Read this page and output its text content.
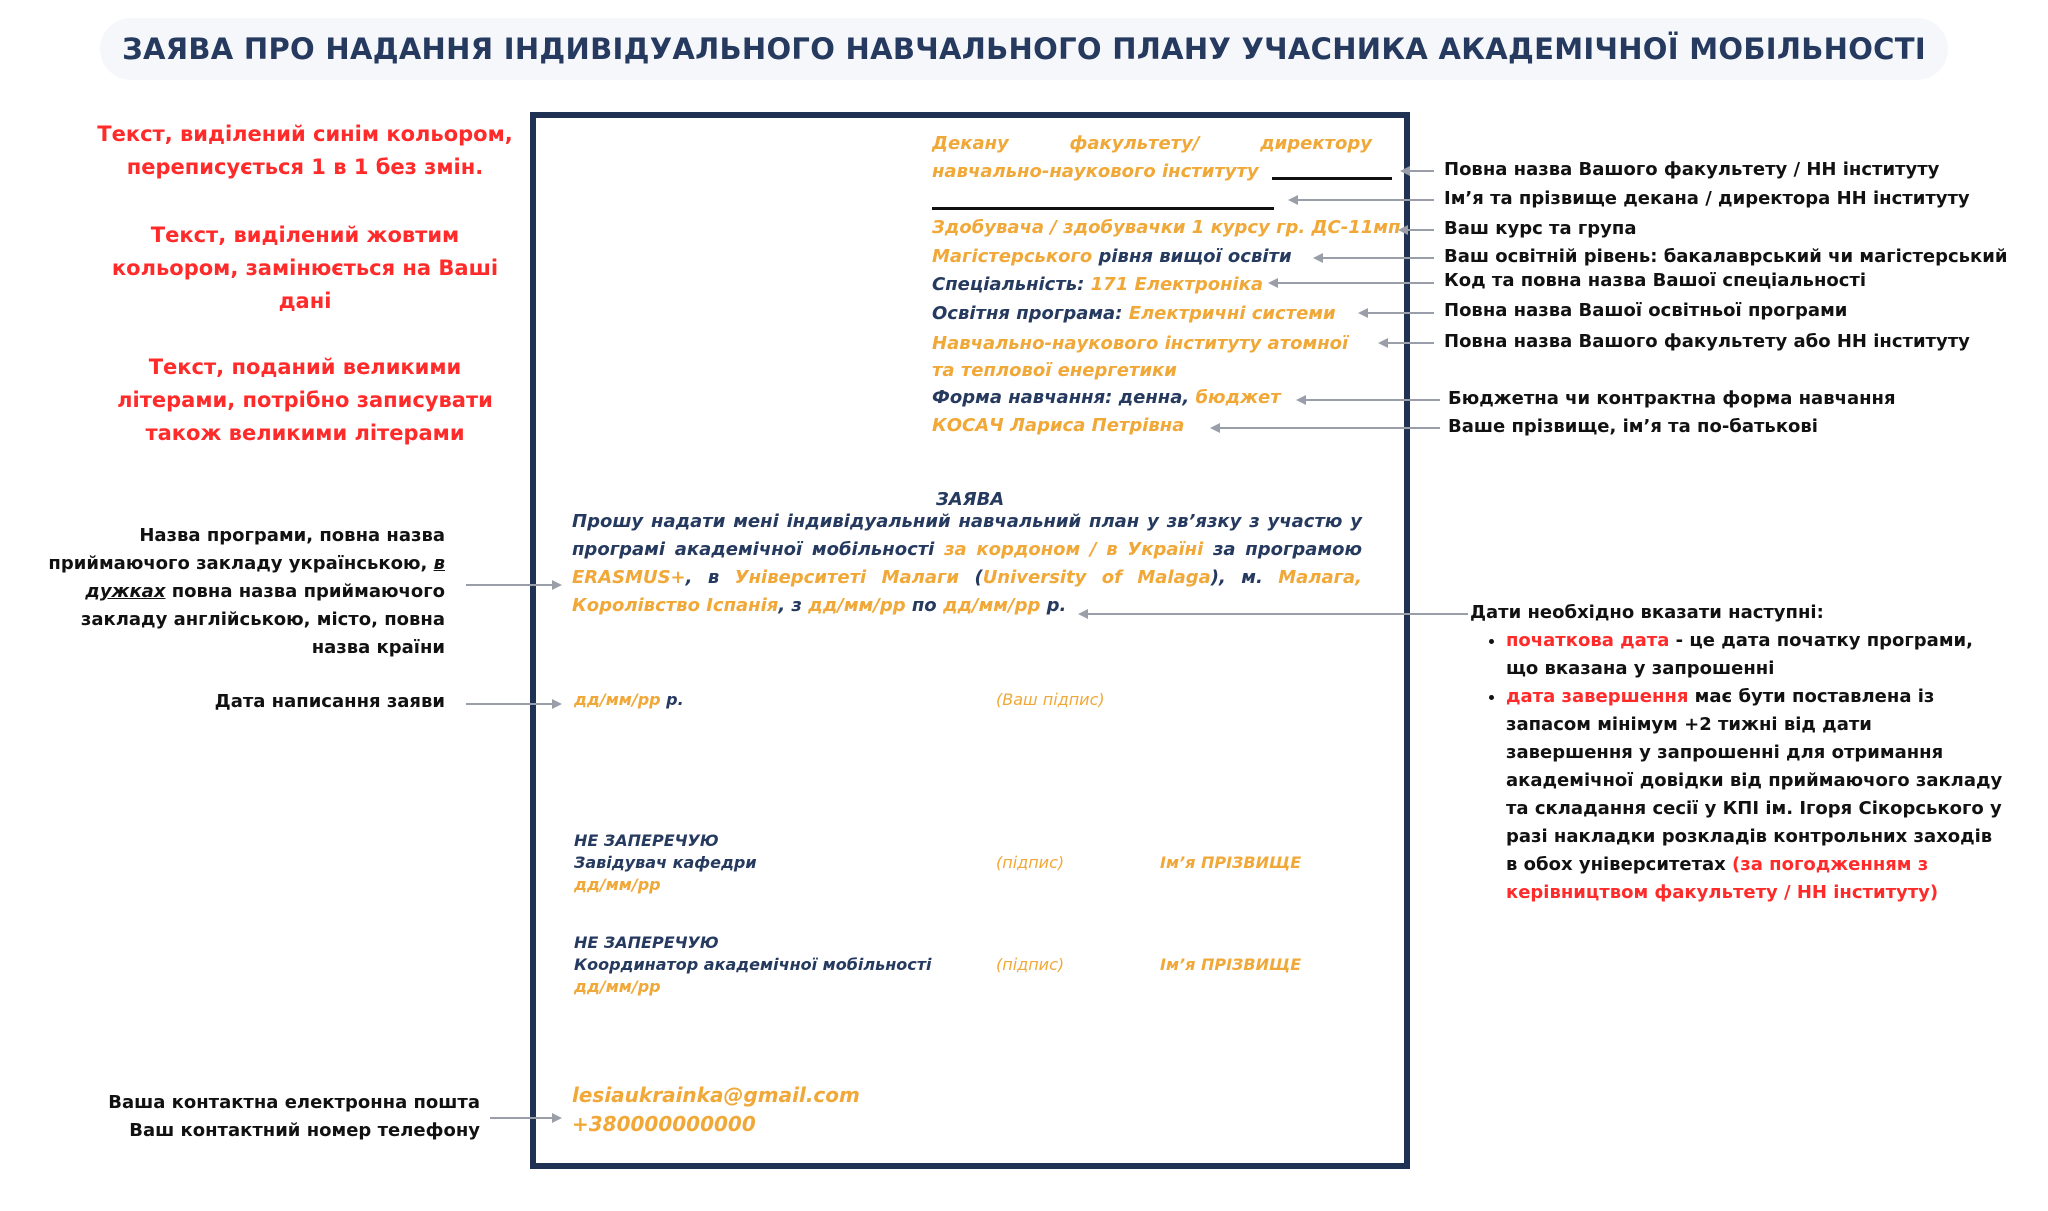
ЗАЯВА ПРО НАДАННЯ ІНДИВІДУАЛЬНОГО НАВЧАЛЬНОГО ПЛАНУ УЧАСНИКА АКАДЕМІЧНОЇ МОБІЛЬНОСТІ
Текст, виділений синім кольором,
переписується 1 в 1 без змін.
Текст, виділений жовтим
кольором, замінюється на Ваші
дані
Текст, поданий великими
літерами, потрібно записувати
також великими літерами
Декану	факультету/	директору
навчально-наукового інституту
Здобувача / здобувачки 1 курсу гр. ДС-11мп
Магістерського рівня вищої освіти
Спеціальність: 171 Електроніка
Освітня програма: Електричні системи
Навчально-наукового інституту атомної
та теплової енергетики
Форма навчання: денна, бюджет
КОСАЧ Лариса Петрівна
ЗАЯВА
Прошу надати мені індивідуальний навчальний план у зв’язку з участю у
програмі академічної мобільності за кордоном / в Україні за програмою
ERASMUS+, в Університеті Малаги (University of Malaga), м. Малага,
Королівство Іспанія, з дд/мм/рр по дд/мм/рр р.
дд/мм/рр р.	(Ваш підпис)
НЕ ЗАПЕРЕЧУЮ
Завідувач кафедри
дд/мм/рр
(підпис)	Ім’я ПРІЗВИЩЕ
НЕ ЗАПЕРЕЧУЮ
Координатор академічної мобільності
дд/мм/рр
(підпис)	Ім’я ПРІЗВИЩЕ
lesiaukrainka@gmail.com
+380000000000
Повна назва Вашого факультету / НН інституту
Ім’я та прізвище декана / директора НН інституту
Ваш курс та група
Ваш освітній рівень: бакалаврський чи магістерський
Код та повна назва Вашої спеціальності
Повна назва Вашої освітньої програми
Повна назва Вашого факультету або НН інституту
Бюджетна чи контрактна форма навчання
Ваше прізвище, ім’я та по-батькові
Назва програми, повна назва
приймаючого закладу українською, в
дужках повна назва приймаючого
закладу англійською, місто, повна
назва країни
Дата написання заяви
Ваша контактна електронна пошта
Ваш контактний номер телефону
Дати необхідно вказати наступні:
• початкова дата - це дата початку програми,
що вказана у запрошенні
• дата завершення має бути поставлена із
запасом мінімум +2 тижні від дати
завершення у запрошенні для отримання
академічної довідки від приймаючого закладу
та складання сесії у КПІ ім. Ігоря Сікорського у
разі накладки розкладів контрольних заходів
в обох університетах (за погодженням з
керівництвом факультету / НН інституту)
